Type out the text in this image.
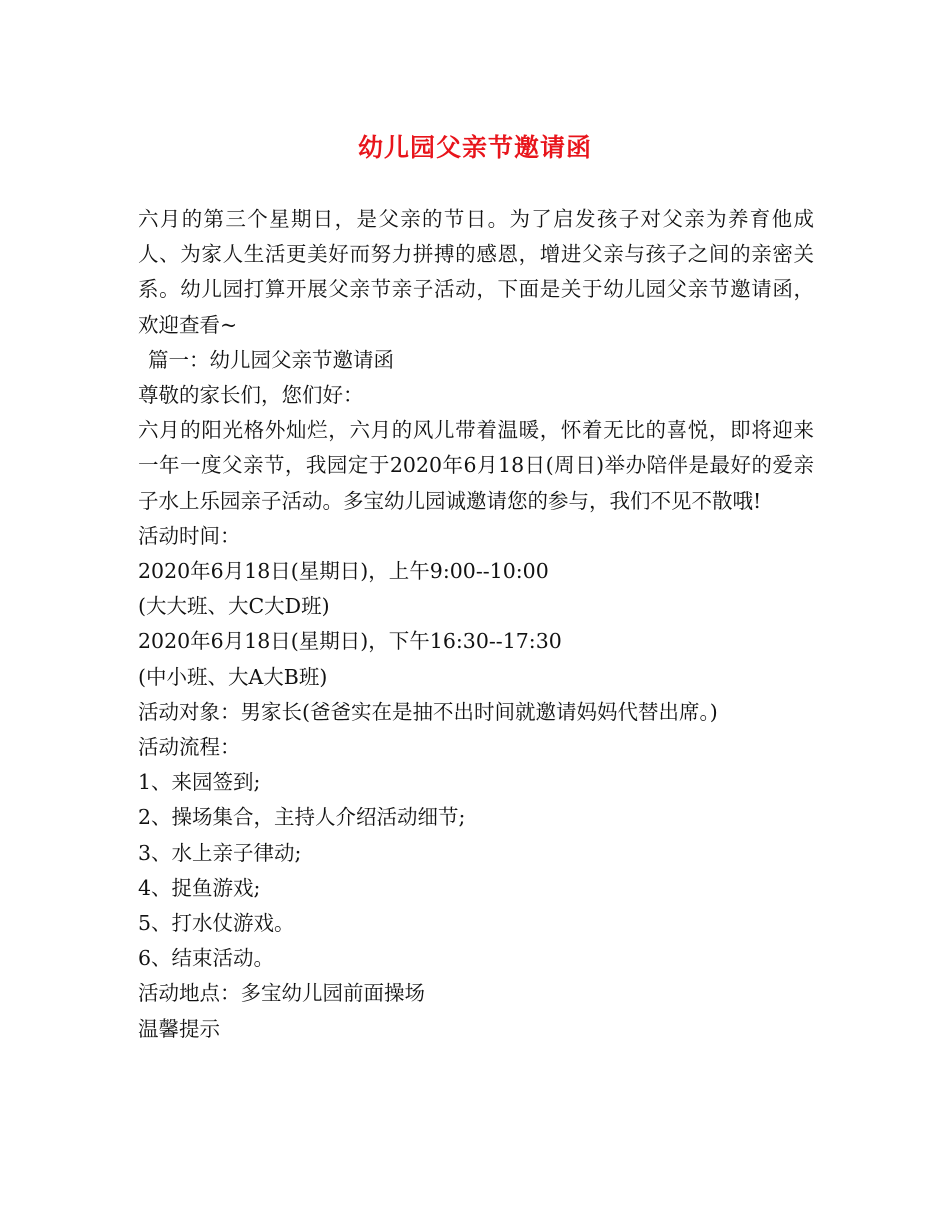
幼儿园父亲节邀请函

六月的第三个星期日，是父亲的节日。为了启发孩子对父亲为养育他成人、为家人生活更美好而努力拼搏的感恩，增进父亲与孩子之间的亲密关系。幼儿园打算开展父亲节亲子活动，下面是关于幼儿园父亲节邀请函，欢迎查看~

篇一：幼儿园父亲节邀请函

尊敬的家长们，您们好：

六月的阳光格外灿烂，六月的风儿带着温暖，怀着无比的喜悦，即将迎来一年一度父亲节，我园定于2020年6月18日(周日)举办陪伴是最好的爱亲子水上乐园亲子活动。多宝幼儿园诚邀请您的参与，我们不见不散哦!

活动时间：

2020年6月18日(星期日)，上午9:00--10:00

(大大班、大C大D班)

2020年6月18日(星期日)，下午16:30--17:30

(中小班、大A大B班)

活动对象：男家长(爸爸实在是抽不出时间就邀请妈妈代替出席。)

活动流程：

1、来园签到;

2、操场集合，主持人介绍活动细节;

3、水上亲子律动;

4、捉鱼游戏;

5、打水仗游戏。

6、结束活动。

活动地点：多宝幼儿园前面操场

温馨提示
